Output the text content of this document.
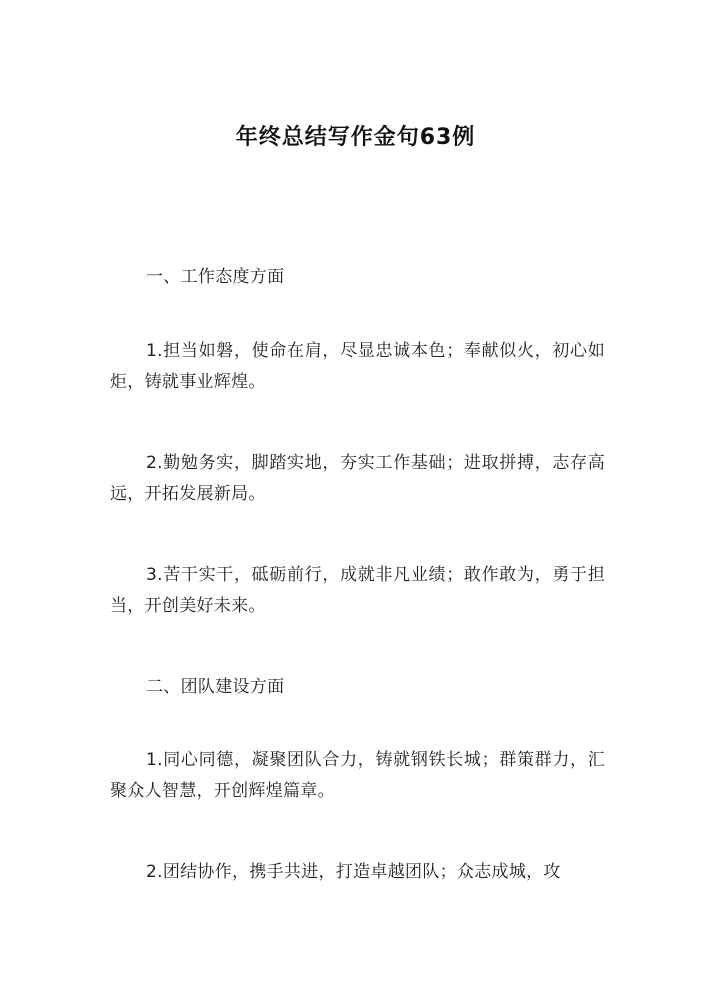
年终总结写作金句63例
一、工作态度方面
1.担当如磐，使命在肩，尽显忠诚本色；奉献似火，初心如炬，铸就事业辉煌。
2.勤勉务实，脚踏实地，夯实工作基础；进取拼搏，志存高远，开拓发展新局。
3.苦干实干，砥砺前行，成就非凡业绩；敢作敢为，勇于担当，开创美好未来。
二、团队建设方面
1.同心同德，凝聚团队合力，铸就钢铁长城；群策群力，汇聚众人智慧，开创辉煌篇章。
2.团结协作，携手共进，打造卓越团队；众志成城，攻
